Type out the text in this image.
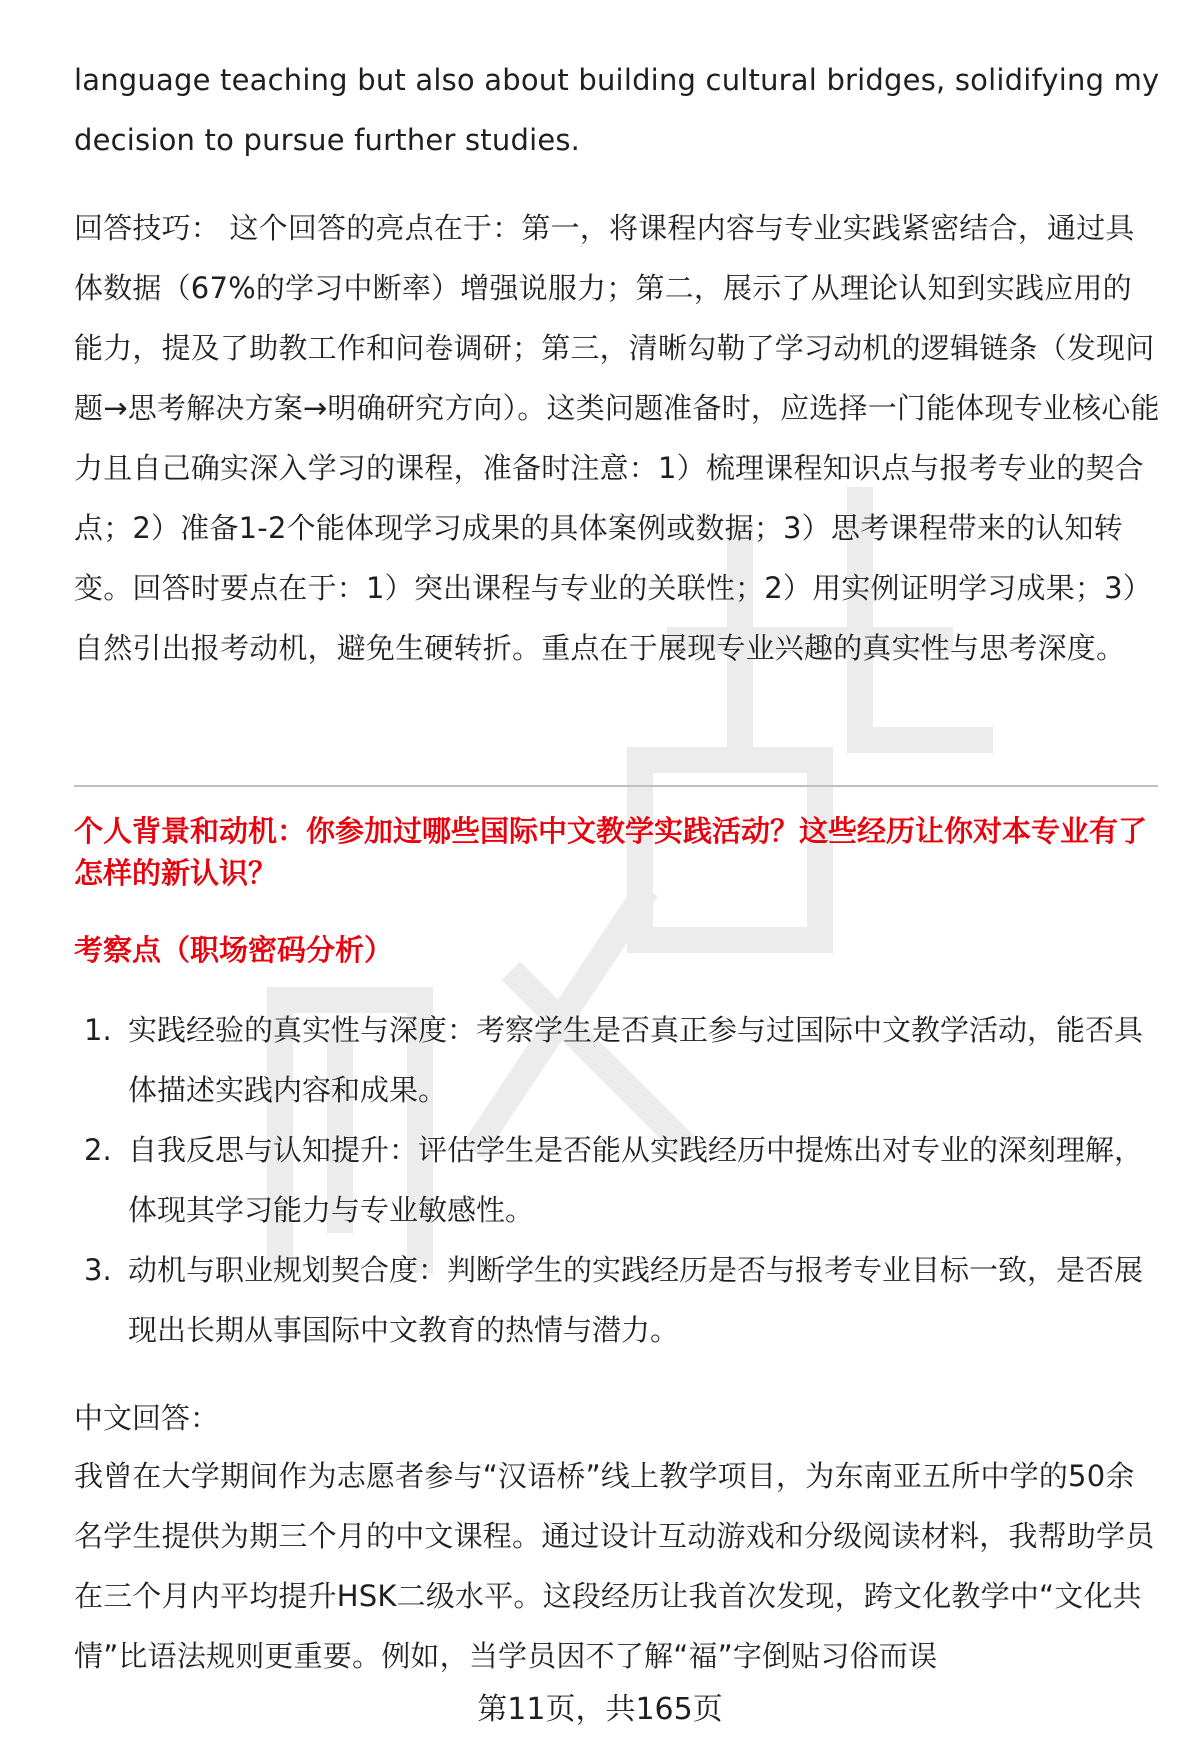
language teaching but also about building cultural bridges, solidifying my decision to pursue further studies.
回答技巧： 这个回答的亮点在于：第一，将课程内容与专业实践紧密结合，通过具体数据（67%的学习中断率）增强说服力；第二，展示了从理论认知到实践应用的能力，提及了助教工作和问卷调研；第三，清晰勾勒了学习动机的逻辑链条（发现问题→思考解决方案→明确研究方向）。这类问题准备时，应选择一门能体现专业核心能力且自己确实深入学习的课程，准备时注意：1）梳理课程知识点与报考专业的契合点；2）准备1-2个能体现学习成果的具体案例或数据；3）思考课程带来的认知转变。回答时要点在于：1）突出课程与专业的关联性；2）用实例证明学习成果；3）自然引出报考动机，避免生硬转折。重点在于展现专业兴趣的真实性与思考深度。
个人背景和动机：你参加过哪些国际中文教学实践活动？这些经历让你对本专业有了怎样的新认识？
考察点（职场密码分析）
1. 实践经验的真实性与深度：考察学生是否真正参与过国际中文教学活动，能否具体描述实践内容和成果。
2. 自我反思与认知提升：评估学生是否能从实践经历中提炼出对专业的深刻理解，体现其学习能力与专业敏感性。
3. 动机与职业规划契合度：判断学生的实践经历是否与报考专业目标一致，是否展现出长期从事国际中文教育的热情与潜力。
中文回答：
我曾在大学期间作为志愿者参与“汉语桥”线上教学项目，为东南亚五所中学的50余名学生提供为期三个月的中文课程。通过设计互动游戏和分级阅读材料，我帮助学员在三个月内平均提升HSK二级水平。这段经历让我首次发现，跨文化教学中“文化共情”比语法规则更重要。例如，当学员因不了解“福”字倒贴习俗而误
第11页，共165页
